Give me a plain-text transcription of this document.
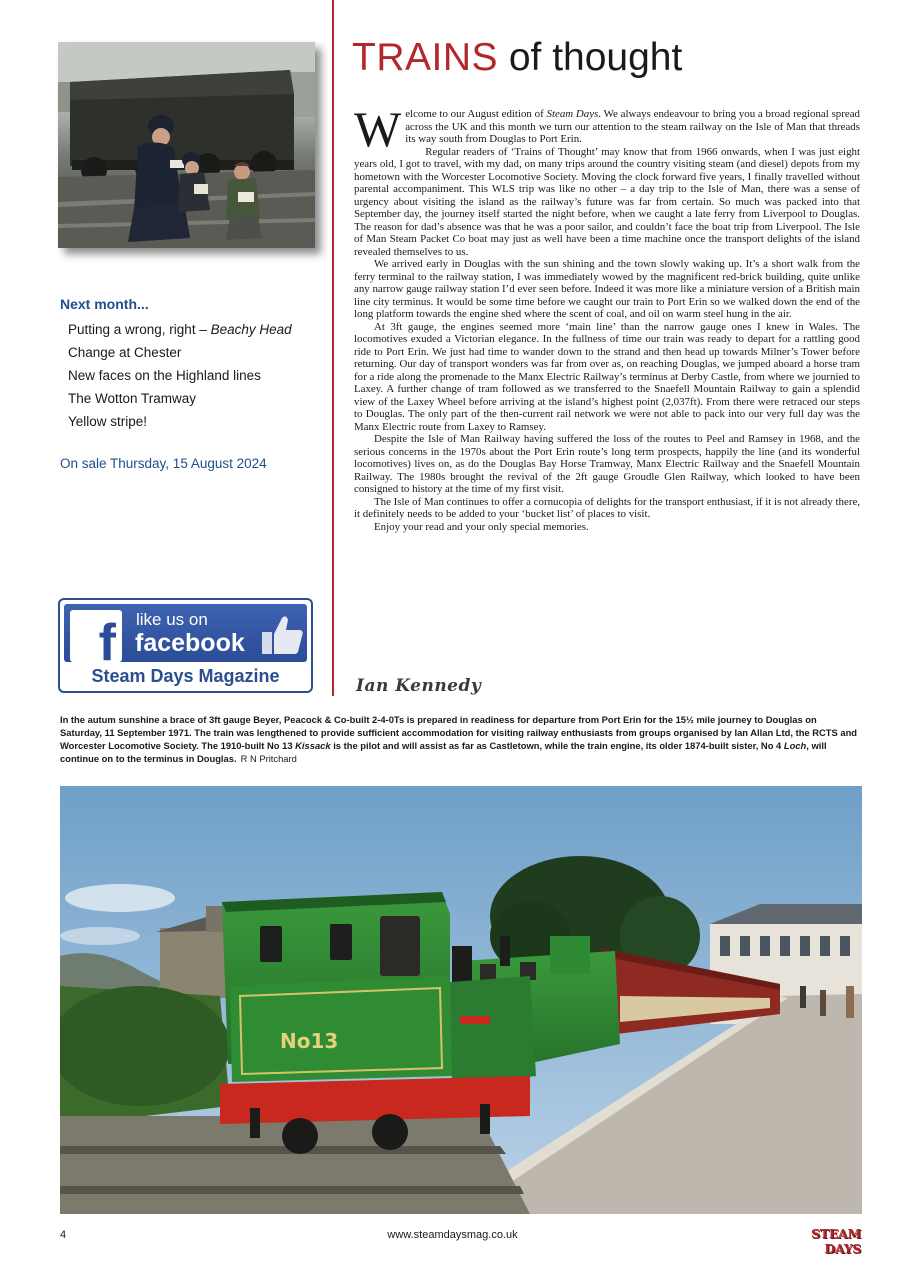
Next month...
Putting a wrong, right – Beachy Head
Change at Chester
New faces on the Highland lines
The Wotton Tramway
Yellow stripe!
On sale Thursday, 15 August 2024
f	like us on
facebook
Steam Days Magazine
TRAINS of thought

Welcome to our August edition of Steam Days. We always endeavour to bring you a broad regional spread across the UK and this month we turn our attention to the steam railway on the Isle of Man that threads its way south from Douglas to Port Erin.

Regular readers of ‘Trains of Thought’ may know that from 1966 onwards, when I was just eight years old, I got to travel, with my dad, on many trips around the country visiting steam (and diesel) depots from my hometown with the Worcester Locomotive Society. Moving the clock forward five years, I finally travelled without parental accompaniment. This WLS trip was like no other – a day trip to the Isle of Man, there was a sense of urgency about visiting the island as the railway’s future was far from certain. So much was packed into that September day, the journey itself started the night before, when we caught a late ferry from Liverpool to Douglas. The reason for dad’s absence was that he was a poor sailor, and couldn’t face the boat trip from Liverpool. The Isle of Man Steam Packet Co boat may just as well have been a time machine once the transport delights of the island revealed themselves to us.

We arrived early in Douglas with the sun shining and the town slowly waking up. It’s a short walk from the ferry terminal to the railway station, I was immediately wowed by the magnificent red-brick building, quite unlike any narrow gauge railway station I’d ever seen before. Indeed it was more like a miniature version of a British main line city terminus. It would be some time before we caught our train to Port Erin so we walked down the end of the long platform towards the engine shed where the scent of coal, and oil on warm steel hung in the air.

At 3ft gauge, the engines seemed more ‘main line’ than the narrow gauge ones I knew in Wales. The locomotives exuded a Victorian elegance. In the fullness of time our train was ready to depart for a rattling good ride to Port Erin. We just had time to wander down to the strand and then head up towards Milner’s Tower before returning. Our day of transport wonders was far from over as, on reaching Douglas, we jumped aboard a horse tram for a ride along the promenade to the Manx Electric Railway’s terminus at Derby Castle, from where we journied to Laxey. A further change of tram followed as we transferred to the Snaefell Mountain Railway to gain a splendid view of the Laxey Wheel before arriving at the island’s highest point (2,037ft). From there were retraced our steps to Douglas. The only part of the then-current rail network we were not able to pack into our very full day was the Manx Electric route from Laxey to Ramsey.

Despite the Isle of Man Railway having suffered the loss of the routes to Peel and Ramsey in 1968, and the serious concerns in the 1970s about the Port Erin route’s long term prospects, happily the line (and its wonderful locomotives) lives on, as do the Douglas Bay Horse Tramway, Manx Electric Railway and the Snaefell Mountain Railway. The 1980s brought the revival of the 2ft gauge Groudle Glen Railway, which looked to have been consigned to history at the time of my first visit.

The Isle of Man continues to offer a cornucopia of delights for the transport enthusiast, if it is not already there, it definitely needs to be added to your ‘bucket list’ of places to visit.

Enjoy your read and your only special memories.

Ian Kennedy
In the autum sunshine a brace of 3ft gauge Beyer, Peacock & Co-built 2-4-0Ts is prepared in readiness for departure from Port Erin for the 15½ mile journey to Douglas on Saturday, 11 September 1971. The train was lengthened to provide sufficient accommodation for visiting railway enthusiasts from groups organised by Ian Allan Ltd, the RCTS and Worcester Locomotive Society. The 1910-built No 13 Kissack is the pilot and will assist as far as Castletown, while the train engine, its older 1874-built sister, No 4 Loch, will continue on to the terminus in Douglas. R N Pritchard
No13
4	www.steamdaysmag.co.uk	STEAM DAYS
